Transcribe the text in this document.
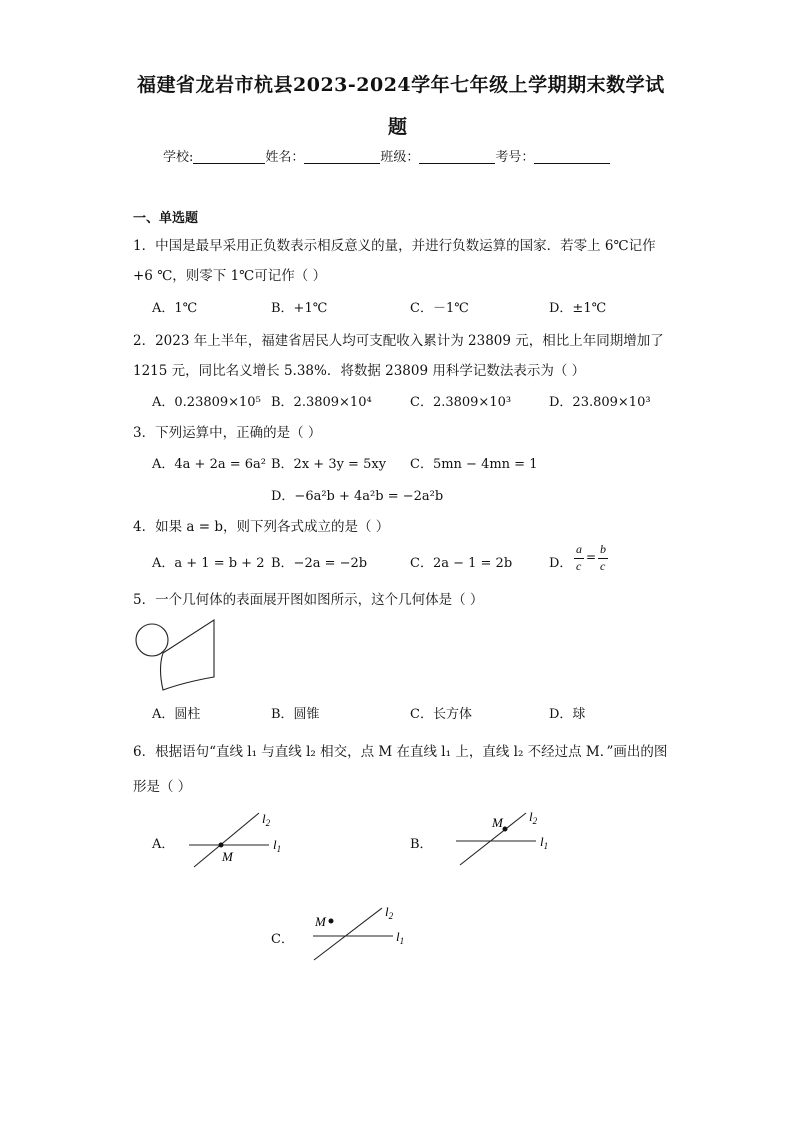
福建省龙岩市杭县2023-2024学年七年级上学期期末数学试
题
学校:	姓名：	班级：	考号：
一、单选题
1．中国是最早采用正负数表示相反意义的量，并进行负数运算的国家．若零上 6℃记作
+6 ℃，则零下 1℃可记作（ ）
A．1℃	B．+1℃	C．－1℃	D．±1℃
2．2023 年上半年，福建省居民人均可支配收入累计为 23809 元，相比上年同期增加了
1215 元，同比名义增长 5.38%．将数据 23809 用科学记数法表示为（ ）
A．0.23809×10⁵ B．2.3809×10⁴	C．2.3809×10³	D．23.809×10³
3．下列运算中，正确的是（ ）
A．4a + 2a = 6a² B．2x + 3y = 5xy C．5mn − 4mn = 1
D．−6a²b + 4a²b = −2a²b
4．如果 a = b，则下列各式成立的是（ ）
A．a + 1 = b + 2 B．−2a = −2b	C．2a − 1 = 2b	D．
a
c
=
b
c
5．一个几何体的表面展开图如图所示，这个几何体是（ ）
A．圆柱	B．圆锥	C．长方体	D．球
6．根据语句“直线 l₁ 与直线 l₂ 相交，点 M 在直线 l₁ 上，直线 l₂ 不经过点 M．”画出的图
形是（ ）
A．
M
$l_2$
$l_1$	B．
M $l_2$
$l_1$
C．
M
$l_2$
$l_1$
